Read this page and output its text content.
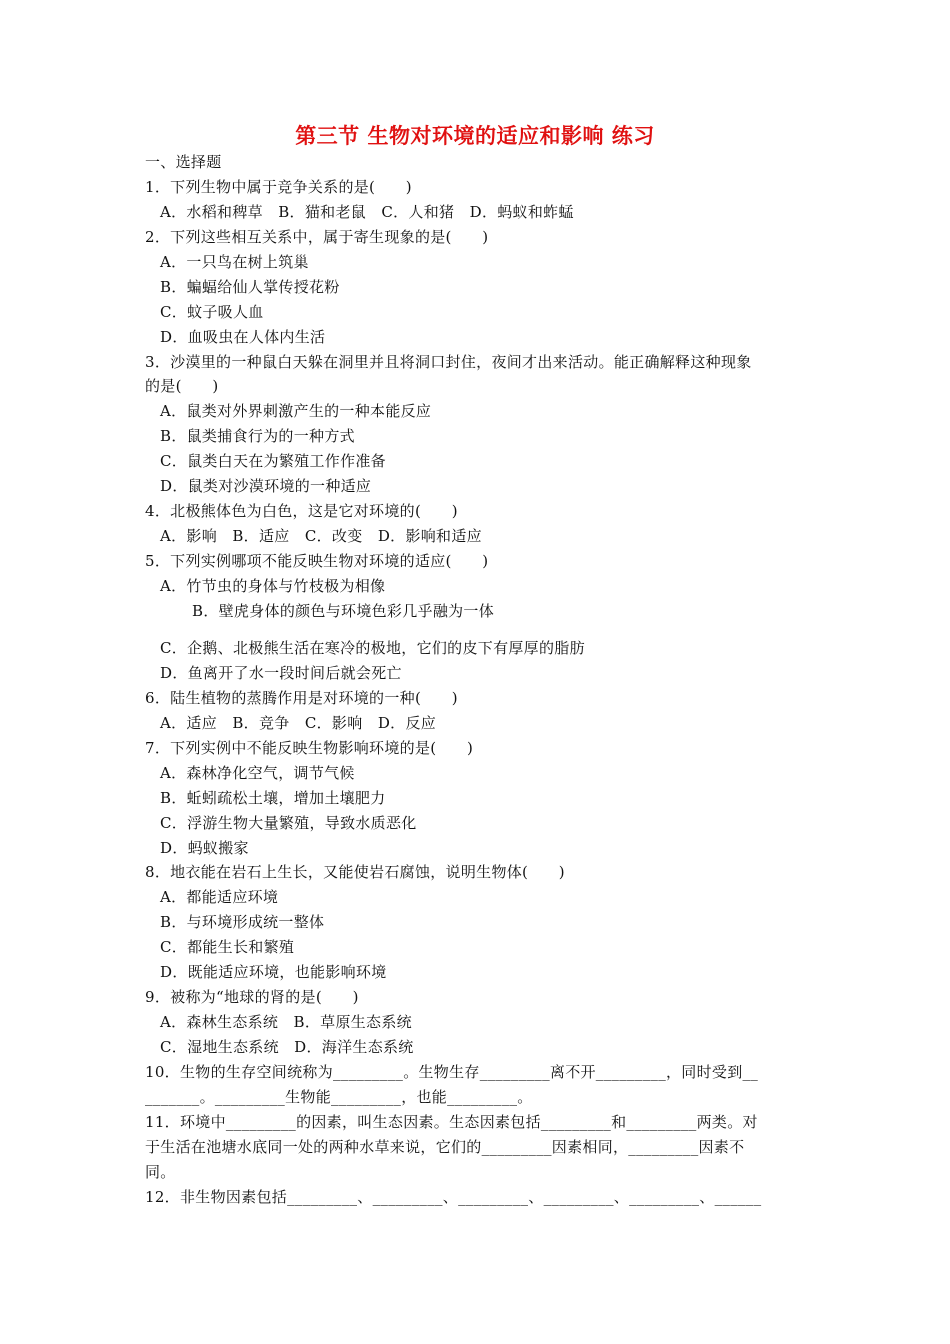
第三节 生物对环境的适应和影响 练习
一、选择题
1．下列生物中属于竞争关系的是(　　)
A．水稻和稗草　B．猫和老鼠　C．人和猪　D．蚂蚁和蚱蜢
2．下列这些相互关系中，属于寄生现象的是(　　)
A．一只鸟在树上筑巢
B．蝙蝠给仙人掌传授花粉
C．蚊子吸人血
D．血吸虫在人体内生活
3．沙漠里的一种鼠白天躲在洞里并且将洞口封住，夜间才出来活动。能正确解释这种现象
的是(　　)
A．鼠类对外界刺激产生的一种本能反应
B．鼠类捕食行为的一种方式
C．鼠类白天在为繁殖工作作准备
D．鼠类对沙漠环境的一种适应
4．北极熊体色为白色，这是它对环境的(　　)
A．影响　B．适应　C．改变　D．影响和适应
5．下列实例哪项不能反映生物对环境的适应(　　)
A．竹节虫的身体与竹枝极为相像
B．壁虎身体的颜色与环境色彩几乎融为一体
C．企鹅、北极熊生活在寒冷的极地，它们的皮下有厚厚的脂肪
D．鱼离开了水一段时间后就会死亡
6．陆生植物的蒸腾作用是对环境的一种(　　)
A．适应　B．竞争　C．影响　D．反应
7．下列实例中不能反映生物影响环境的是(　　)
A．森林净化空气，调节气候
B．蚯蚓疏松土壤，增加土壤肥力
C．浮游生物大量繁殖，导致水质恶化
D．蚂蚁搬家
8．地衣能在岩石上生长，又能使岩石腐蚀，说明生物体(　　)
A．都能适应环境
B．与环境形成统一整体
C．都能生长和繁殖
D．既能适应环境，也能影响环境
9．被称为“地球的肾的是(　　)
A．森林生态系统　B．草原生态系统
C．湿地生态系统　D．海洋生态系统
10．生物的生存空间统称为_________。生物生存_________离不开_________，同时受到__
_______。_________生物能_________，也能_________。
11．环境中_________的因素，叫生态因素。生态因素包括_________和_________两类。对
于生活在池塘水底同一处的两种水草来说，它们的_________因素相同，_________因素不
同。
12．非生物因素包括_________、_________、_________、_________、_________、______
